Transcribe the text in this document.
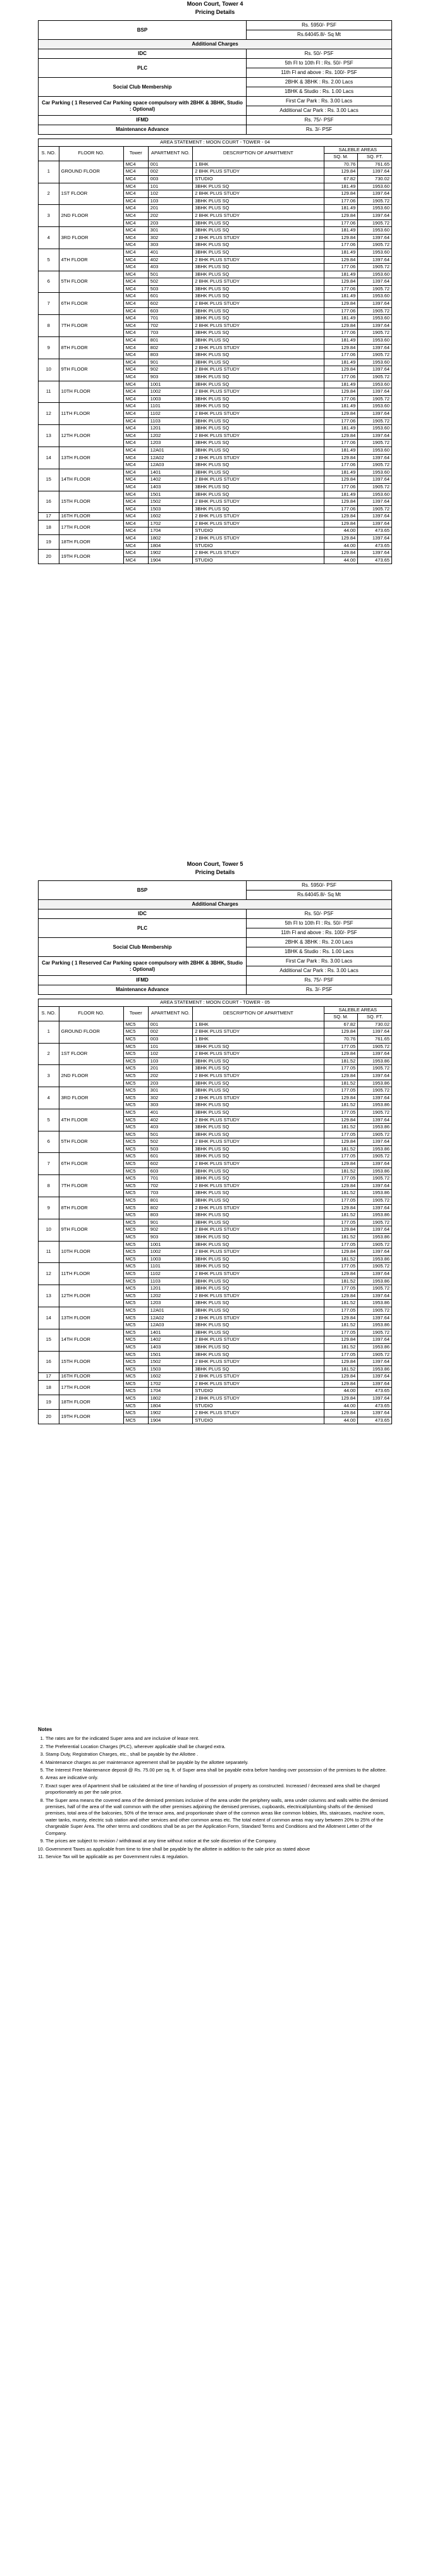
Moon Court, Tower 4

Pricing Details

BSP	Rs. 5950/- PSF
	Rs.64045.8/- Sq Mt
Additional Charges	
IDC	Rs. 50/- PSF
PLC	5th Fl to 10th Fl : Rs. 50/- PSF
	11th Fl and above : Rs. 100/- PSF
Social Club Membership	2BHK & 3BHK : Rs. 2.00 Lacs
	1BHK & Studio : Rs. 1.00 Lacs
Car Parking ( 1 Reserved Car Parking space compulsory with 2BHK & 3BHK, Studio : Optional)	First Car Park : Rs. 3.00 Lacs
	Additional Car Park : Rs. 3.00 Lacs
IFMD	Rs. 75/- PSF
Maintenance Advance	Rs. 3/- PSF
AREA STATEMENT : MOON COURT - TOWER - 04						
S. NO.	FLOOR NO.	Tower	APARTMENT NO.	DESCRIPTION OF APARTMENT	SALEBLE AREAS	
					SQ. M.	SQ. FT.
1	GROUND FLOOR	MC4	001	1 BHK	70.76	761.65
		MC4	002	2 BHK PLUS STUDY	129.84	1397.64
		MC4	003	STUDIO	67.82	730.02
2	1ST FLOOR	MC4	101	3BHK PLUS SQ	181.49	1953.60
		MC4	102	2 BHK PLUS STUDY	129.84	1397.64
		MC4	103	3BHK PLUS SQ	177.06	1905.72
3	2ND FLOOR	MC4	201	3BHK PLUS SQ	181.49	1953.60
		MC4	202	2 BHK PLUS STUDY	129.84	1397.64
		MC4	203	3BHK PLUS SQ	177.06	1905.72
4	3RD FLOOR	MC4	301	3BHK PLUS SQ	181.49	1953.60
		MC4	302	2 BHK PLUS STUDY	129.84	1397.64
		MC4	303	3BHK PLUS SQ	177.06	1905.72
5	4TH FLOOR	MC4	401	3BHK PLUS SQ	181.49	1953.60
		MC4	402	2 BHK PLUS STUDY	129.84	1397.64
		MC4	403	3BHK PLUS SQ	177.06	1905.72
6	5TH FLOOR	MC4	501	3BHK PLUS SQ	181.49	1953.60
		MC4	502	2 BHK PLUS STUDY	129.84	1397.64
		MC4	503	3BHK PLUS SQ	177.06	1905.72
7	6TH FLOOR	MC4	601	3BHK PLUS SQ	181.49	1953.60
		MC4	602	2 BHK PLUS STUDY	129.84	1397.64
		MC4	603	3BHK PLUS SQ	177.06	1905.72
8	7TH FLOOR	MC4	701	3BHK PLUS SQ	181.49	1953.60
		MC4	702	2 BHK PLUS STUDY	129.84	1397.64
		MC4	703	3BHK PLUS SQ	177.06	1905.72
9	8TH FLOOR	MC4	801	3BHK PLUS SQ	181.49	1953.60
		MC4	802	2 BHK PLUS STUDY	129.84	1397.64
		MC4	803	3BHK PLUS SQ	177.06	1905.72
10	9TH FLOOR	MC4	901	3BHK PLUS SQ	181.49	1953.60
		MC4	902	2 BHK PLUS STUDY	129.84	1397.64
		MC4	903	3BHK PLUS SQ	177.06	1905.72
11	10TH FLOOR	MC4	1001	3BHK PLUS SQ	181.49	1953.60
		MC4	1002	2 BHK PLUS STUDY	129.84	1397.64
		MC4	1003	3BHK PLUS SQ	177.06	1905.72
12	11TH FLOOR	MC4	1101	3BHK PLUS SQ	181.49	1953.60
		MC4	1102	2 BHK PLUS STUDY	129.84	1397.64
		MC4	1103	3BHK PLUS SQ	177.06	1905.72
13	12TH FLOOR	MC4	1201	3BHK PLUS SQ	181.49	1953.60
		MC4	1202	2 BHK PLUS STUDY	129.84	1397.64
		MC4	1203	3BHK PLUS SQ	177.06	1905.72
14	13TH FLOOR	MC4	12A01	3BHK PLUS SQ	181.49	1953.60
		MC4	12A02	2 BHK PLUS STUDY	129.84	1397.64
		MC4	12A03	3BHK PLUS SQ	177.06	1905.72
15	14TH FLOOR	MC4	1401	3BHK PLUS SQ	181.49	1953.60
		MC4	1402	2 BHK PLUS STUDY	129.84	1397.64
		MC4	1403	3BHK PLUS SQ	177.06	1905.72
16	15TH FLOOR	MC4	1501	3BHK PLUS SQ	181.49	1953.60
		MC4	1502	2 BHK PLUS STUDY	129.84	1397.64
		MC4	1503	3BHK PLUS SQ	177.06	1905.72
17	16TH FLOOR	MC4	1602	2 BHK PLUS STUDY	129.84	1397.64
18	17TH FLOOR	MC4	1702	2 BHK PLUS STUDY	129.84	1397.64
		MC4	1704	STUDIO	44.00	473.65
19	18TH FLOOR	MC4	1802	2 BHK PLUS STUDY	129.84	1397.64
		MC4	1804	STUDIO	44.00	473.65
20	19TH FLOOR	MC4	1902	2 BHK PLUS STUDY	129.84	1397.64
		MC4	1904	STUDIO	44.00	473.65

Moon Court, Tower 5

Pricing Details

BSP	Rs. 5950/- PSF
	Rs.64045.8/- Sq Mt
Additional Charges	
IDC	Rs. 50/- PSF
PLC	5th Fl to 10th Fl : Rs. 50/- PSF
	11th Fl and above : Rs. 100/- PSF
Social Club Membership	2BHK & 3BHK : Rs. 2.00 Lacs
	1BHK & Studio : Rs. 1.00 Lacs
Car Parking ( 1 Reserved Car Parking space compulsory with 2BHK & 3BHK, Studio : Optional)	First Car Park : Rs. 3.00 Lacs
	Additional Car Park : Rs. 3.00 Lacs
IFMD	Rs. 75/- PSF
Maintenance Advance	Rs. 3/- PSF
AREA STATEMENT : MOON COURT - TOWER - 05						
S. NO.	FLOOR NO.	Tower	APARTMENT NO.	DESCRIPTION OF APARTMENT	SALEBLE AREAS	
					SQ. M.	SQ. FT.
1	GROUND FLOOR	MC5	001	1 BHK	67.82	730.02
		MC5	002	2 BHK PLUS STUDY	129.84	1397.64
		MC5	003	1 BHK	70.76	761.65
2	1ST FLOOR	MC5	101	3BHK PLUS SQ	177.05	1905.72
		MC5	102	2 BHK PLUS STUDY	129.84	1397.64
		MC5	103	3BHK PLUS SQ	181.52	1953.86
3	2ND FLOOR	MC5	201	3BHK PLUS SQ	177.05	1905.72
		MC5	202	2 BHK PLUS STUDY	129.84	1397.64
		MC5	203	3BHK PLUS SQ	181.52	1953.86
4	3RD FLOOR	MC5	301	3BHK PLUS SQ	177.05	1905.72
		MC5	302	2 BHK PLUS STUDY	129.84	1397.64
		MC5	303	3BHK PLUS SQ	181.52	1953.86
5	4TH FLOOR	MC5	401	3BHK PLUS SQ	177.05	1905.72
		MC5	402	2 BHK PLUS STUDY	129.84	1397.64
		MC5	403	3BHK PLUS SQ	181.52	1953.86
6	5TH FLOOR	MC5	501	3BHK PLUS SQ	177.05	1905.72
		MC5	502	2 BHK PLUS STUDY	129.84	1397.64
		MC5	503	3BHK PLUS SQ	181.52	1953.86
7	6TH FLOOR	MC5	601	3BHK PLUS SQ	177.05	1905.72
		MC5	602	2 BHK PLUS STUDY	129.84	1397.64
		MC5	603	3BHK PLUS SQ	181.52	1953.86
8	7TH FLOOR	MC5	701	3BHK PLUS SQ	177.05	1905.72
		MC5	702	2 BHK PLUS STUDY	129.84	1397.64
		MC5	703	3BHK PLUS SQ	181.52	1953.86
9	8TH FLOOR	MC5	801	3BHK PLUS SQ	177.05	1905.72
		MC5	802	2 BHK PLUS STUDY	129.84	1397.64
		MC5	803	3BHK PLUS SQ	181.52	1953.86
10	9TH FLOOR	MC5	901	3BHK PLUS SQ	177.05	1905.72
		MC5	902	2 BHK PLUS STUDY	129.84	1397.64
		MC5	903	3BHK PLUS SQ	181.52	1953.86
11	10TH FLOOR	MC5	1001	3BHK PLUS SQ	177.05	1905.72
		MC5	1002	2 BHK PLUS STUDY	129.84	1397.64
		MC5	1003	3BHK PLUS SQ	181.52	1953.86
12	11TH FLOOR	MC5	1101	3BHK PLUS SQ	177.05	1905.72
		MC5	1102	2 BHK PLUS STUDY	129.84	1397.64
		MC5	1103	3BHK PLUS SQ	181.52	1953.86
13	12TH FLOOR	MC5	1201	3BHK PLUS SQ	177.05	1905.72
		MC5	1202	2 BHK PLUS STUDY	129.84	1397.64
		MC5	1203	3BHK PLUS SQ	181.52	1953.86
14	13TH FLOOR	MC5	12A01	3BHK PLUS SQ	177.05	1905.72
		MC5	12A02	2 BHK PLUS STUDY	129.84	1397.64
		MC5	12A03	3BHK PLUS SQ	181.52	1953.86
15	14TH FLOOR	MC5	1401	3BHK PLUS SQ	177.05	1905.72
		MC5	1402	2 BHK PLUS STUDY	129.84	1397.64
		MC5	1403	3BHK PLUS SQ	181.52	1953.86
16	15TH FLOOR	MC5	1501	3BHK PLUS SQ	177.05	1905.72
		MC5	1502	2 BHK PLUS STUDY	129.84	1397.64
		MC5	1503	3BHK PLUS SQ	181.52	1953.86
17	16TH FLOOR	MC5	1602	2 BHK PLUS STUDY	129.84	1397.64
18	17TH FLOOR	MC5	1702	2 BHK PLUS STUDY	129.84	1397.64
		MC5	1704	STUDIO	44.00	473.65
19	18TH FLOOR	MC5	1802	2 BHK PLUS STUDY	129.84	1397.64
		MC5	1804	STUDIO	44.00	473.65
20	19TH FLOOR	MC5	1902	2 BHK PLUS STUDY	129.84	1397.64
		MC5	1904	STUDIO	44.00	473.65
Notes
1. The rates are for the indicated Super area and are inclusive of lease rent.
2. The Preferential Location Charges (PLC), wherever applicable shall be charged extra.
3. Stamp Duty, Registration Charges, etc., shall be payable by the Allottee .
4. Maintenance charges as per maintenance agreement shall be payable by the allottee separately.
5. The Interest Free Maintenance deposit @ Rs. 75.00 per sq. ft. of Super area shall be payable extra before handing over possession of the premises to the allottee.
6. Areas are indicative only.
7. Exact super area of Apartment shall be calculated at the time of handing of possession of property as constructed. Increased / decreased area shall be charged proportionately as per the sale price.
8. The Super area means the covered area of the demised premises inclusive of the area under the periphery walls, area under columns and walls within the demised premises, half of the area of the wall common with the other premises adjoining the demised premises, cupboards, electrical/plumbing shafts of the demised premises, total area of the balconies, 50% of the terrace area, and proportionate share of the common areas like common lobbies, lifts, staircases, machine room, water tanks, mumty, electric sub station and other services and other common areas etc. The total extent of common areas may vary between 20% to 25% of the chargeable Super Area. The other terms and conditions shall be as per the Application Form, Standard Terms and Conditions and the Allotment Letter of the Company.
9. The prices are subject to revision / withdrawal at any time without notice at the sole discretion of the Company.
10. Government Taxes as applicable from time to time shall be payable by the allottee in addition to the sale price as stated above
11. Service Tax will be applicable as per Government rules & regulation.
